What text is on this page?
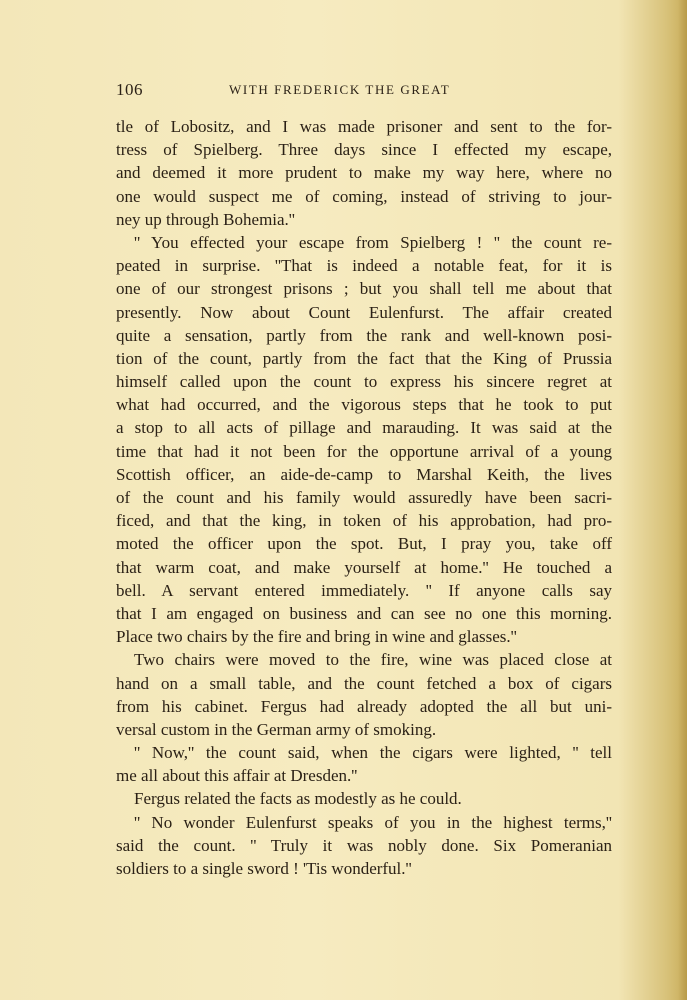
106	WITH FREDERICK THE GREAT
tle of Lobositz, and I was made prisoner and sent to the for-
tress of Spielberg. Three days since I effected my escape,
and deemed it more prudent to make my way here, where no
one would suspect me of coming, instead of striving to jour-
ney up through Bohemia.''
'' You effected your escape from Spielberg ! '' the count re-
peated in surprise. ''That is indeed a notable feat, for it is
one of our strongest prisons ; but you shall tell me about that
presently. Now about Count Eulenfurst. The affair created
quite a sensation, partly from the rank and well-known posi-
tion of the count, partly from the fact that the King of Prussia
himself called upon the count to express his sincere regret at
what had occurred, and the vigorous steps that he took to put
a stop to all acts of pillage and marauding. It was said at the
time that had it not been for the opportune arrival of a young
Scottish officer, an aide-de-camp to Marshal Keith, the lives
of the count and his family would assuredly have been sacri-
ficed, and that the king, in token of his approbation, had pro-
moted the officer upon the spot. But, I pray you, take off
that warm coat, and make yourself at home.'' He touched a
bell. A servant entered immediately. '' If anyone calls say
that I am engaged on business and can see no one this morning.
Place two chairs by the fire and bring in wine and glasses.''
Two chairs were moved to the fire, wine was placed close at
hand on a small table, and the count fetched a box of cigars
from his cabinet. Fergus had already adopted the all but uni-
versal custom in the German army of smoking.
'' Now,'' the count said, when the cigars were lighted, '' tell
me all about this affair at Dresden.''
Fergus related the facts as modestly as he could.
'' No wonder Eulenfurst speaks of you in the highest terms,''
said the count. '' Truly it was nobly done. Six Pomeranian
soldiers to a single sword ! 'Tis wonderful.''
